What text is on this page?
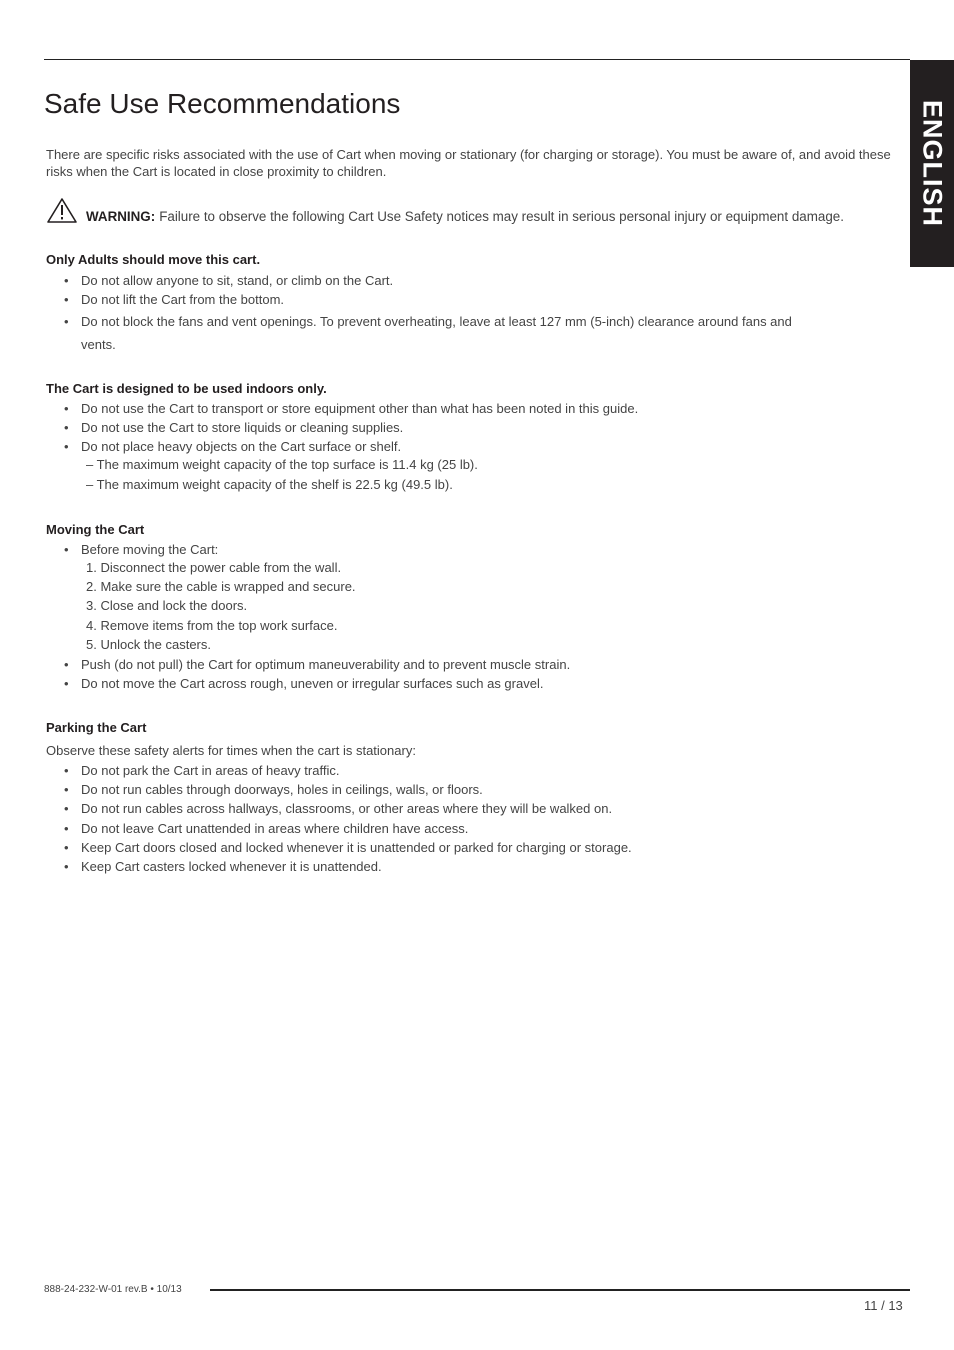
ENGLISH
Safe Use Recommendations

There are specific risks associated with the use of Cart when moving or stationary (for charging or storage). You must be aware of, and avoid these risks when the Cart is located in close proximity to children.

WARNING: Failure to observe the following Cart Use Safety notices may result in serious personal injury or equipment damage.

Only Adults should move this cart.

• Do not allow anyone to sit, stand, or climb on the Cart.
• Do not lift the Cart from the bottom.
• Do not block the fans and vent openings. To prevent overheating, leave at least 127 mm (5-inch) clearance around fans and
vents.

The Cart is designed to be used indoors only.

• Do not use the Cart to transport or store equipment other than what has been noted in this guide.
• Do not use the Cart to store liquids or cleaning supplies.
• Do not place heavy objects on the Cart surface or shelf.

– The maximum weight capacity of the top surface is 11.4 kg (25 lb).

– The maximum weight capacity of the shelf is 22.5 kg (49.5 lb).

Moving the Cart

• Before moving the Cart:

1. Disconnect the power cable from the wall.

2. Make sure the cable is wrapped and secure.

3. Close and lock the doors.

4. Remove items from the top work surface.

5. Unlock the casters.

• Push (do not pull) the Cart for optimum maneuverability and to prevent muscle strain.
• Do not move the Cart across rough, uneven or irregular surfaces such as gravel.

Parking the Cart

Observe these safety alerts for times when the cart is stationary:

• Do not park the Cart in areas of heavy traffic.
• Do not run cables through doorways, holes in ceilings, walls, or floors.
• Do not run cables across hallways, classrooms, or other areas where they will be walked on.
• Do not leave Cart unattended in areas where children have access.
• Keep Cart doors closed and locked whenever it is unattended or parked for charging or storage.
• Keep Cart casters locked whenever it is unattended.
888-24-232-W-01 rev.B • 10/13
11 / 13
